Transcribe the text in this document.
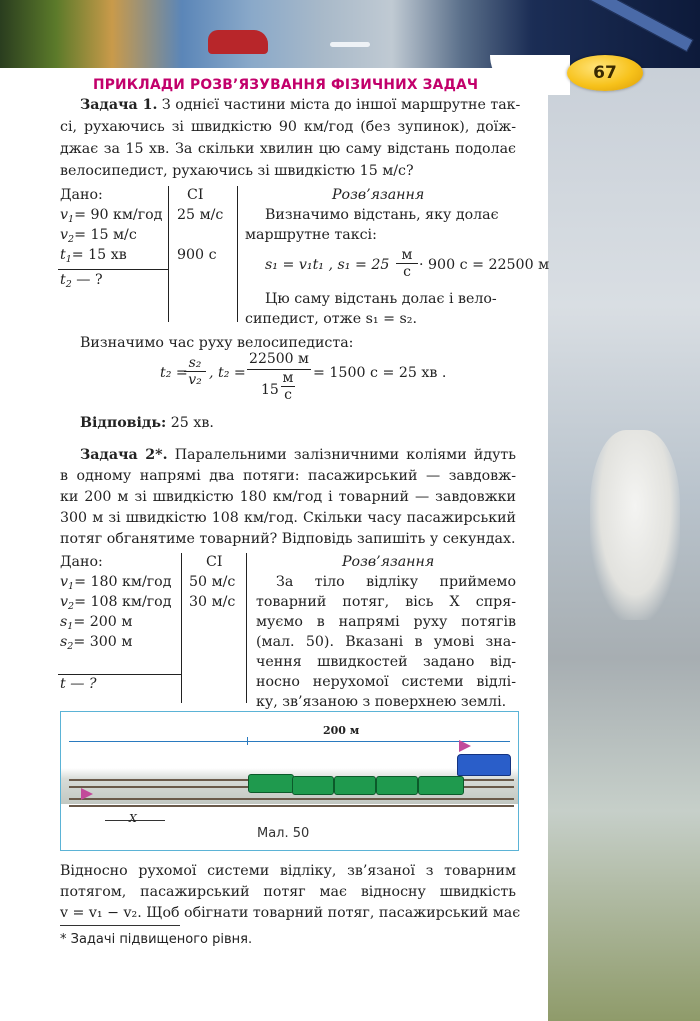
67
ПРИКЛАДИ РОЗВ’ЯЗУВАННЯ ФІЗИЧНИХ ЗАДАЧ
Задача 1. З однієї частини міста до іншої маршрутне так-
сі, рухаючись зі швидкістю 90 км/год (без зупинок), доїж-
джає за 15 хв. За скільки хвилин цю саму відстань подолає
велосипедист, рухаючись зі швидкістю 15 м/с?
Дано:	СІ	Розв’язання
$v_1= 90$ км/год 25 м/с
$v_2= 15$ м/с
$t_1= 15$ хв	900 с
$t_2$ — ?
Визначимо відстань, яку долає
маршрутне таксі:
s₁ = v₁t₁ , s₁ = 25
м
с · 900 с = 22500 м
Цю саму відстань долає і вело-
сипедист, отже s₁ = s₂.
Визначимо час руху велосипедиста:
t₂ =
$\frac{\text{s₂}}{\text{v₂}}$ , t₂ =
22500 м
15
м
с
= 1500 с = 25 хв .
Відповідь: 25 хв.
Задача 2*. Паралельними залізничними коліями йдуть
в одному напрямі два потяги: пасажирський — завдовж-
ки 200 м зі швидкістю 180 км/год і товарний — завдовжки
300 м зі швидкістю 108 км/год. Скільки часу пасажирський
потяг обганятиме товарний? Відповідь запишіть у секундах.
Дано:	СІ	Розв’язання
$v_1= 180$ км/год 50 м/с
$v_2= 108$ км/год 30 м/с
$s_1= 200$ м
$s_2= 300$ м
t — ?
За тіло відліку приймемо
товарний потяг, вісь X спря-
муємо в напрямі руху потягів
(мал. 50). Вказані в умові зна-
чення швидкостей задано від-
носно нерухомої системи відлі-
ку, зв’язаною з поверхнею землі.
200 м
X
Мал. 50
Відносно рухомої системи відліку, зв’язаної з товарним
потягом, пасажирський потяг має відносну швидкість
v = v₁ − v₂. Щоб обігнати товарний потяг, пасажирський має
* Задачі підвищеного рівня.
